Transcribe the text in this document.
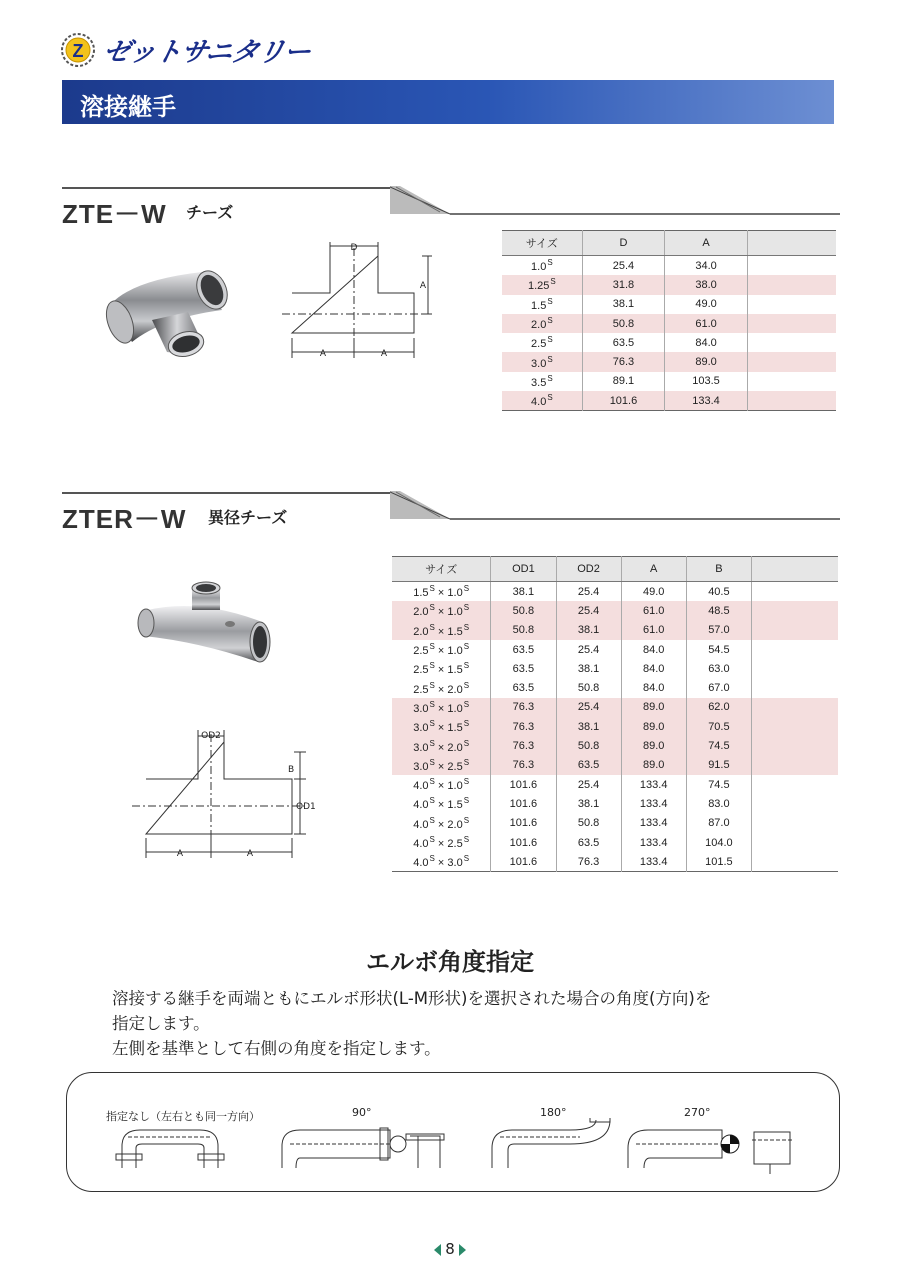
Z ゼットサニタリー
溶接継手
ZTE－W チーズ
D
A	A
A
サイズ	D	A	
$1.0^S$	25.4	34.0	
$1.25^S$	31.8	38.0	
$1.5^S$	38.1	49.0	
$2.0^S$	50.8	61.0	
$2.5^S$	63.5	84.0	
$3.0^S$	76.3	89.0	
$3.5^S$	89.1	103.5	
$4.0^S$	101.6	133.4	
ZTER－W 異径チーズ
OD2
A	A
B
OD1
サイズ	OD1	OD2	A	B	
$1.5^S \times 1.0^S$	38.1	25.4	49.0	40.5	
$2.0^S \times 1.0^S$	50.8	25.4	61.0	48.5	
$2.0^S \times 1.5^S$	50.8	38.1	61.0	57.0	
$2.5^S \times 1.0^S$	63.5	25.4	84.0	54.5	
$2.5^S \times 1.5^S$	63.5	38.1	84.0	63.0	
$2.5^S \times 2.0^S$	63.5	50.8	84.0	67.0	
$3.0^S \times 1.0^S$	76.3	25.4	89.0	62.0	
$3.0^S \times 1.5^S$	76.3	38.1	89.0	70.5	
$3.0^S \times 2.0^S$	76.3	50.8	89.0	74.5	
$3.0^S \times 2.5^S$	76.3	63.5	89.0	91.5	
$4.0^S \times 1.0^S$	101.6	25.4	133.4	74.5	
$4.0^S \times 1.5^S$	101.6	38.1	133.4	83.0	
$4.0^S \times 2.0^S$	101.6	50.8	133.4	87.0	
$4.0^S \times 2.5^S$	101.6	63.5	133.4	104.0	
$4.0^S \times 3.0^S$	101.6	76.3	133.4	101.5	
エルボ角度指定

溶接する継手を両端ともにエルボ形状(L-M形状)を選択された場合の角度(方向)を

指定します。

左側を基準として右側の角度を指定します。

指定なし（左右とも同一方向）	90°	180°	270°
8
